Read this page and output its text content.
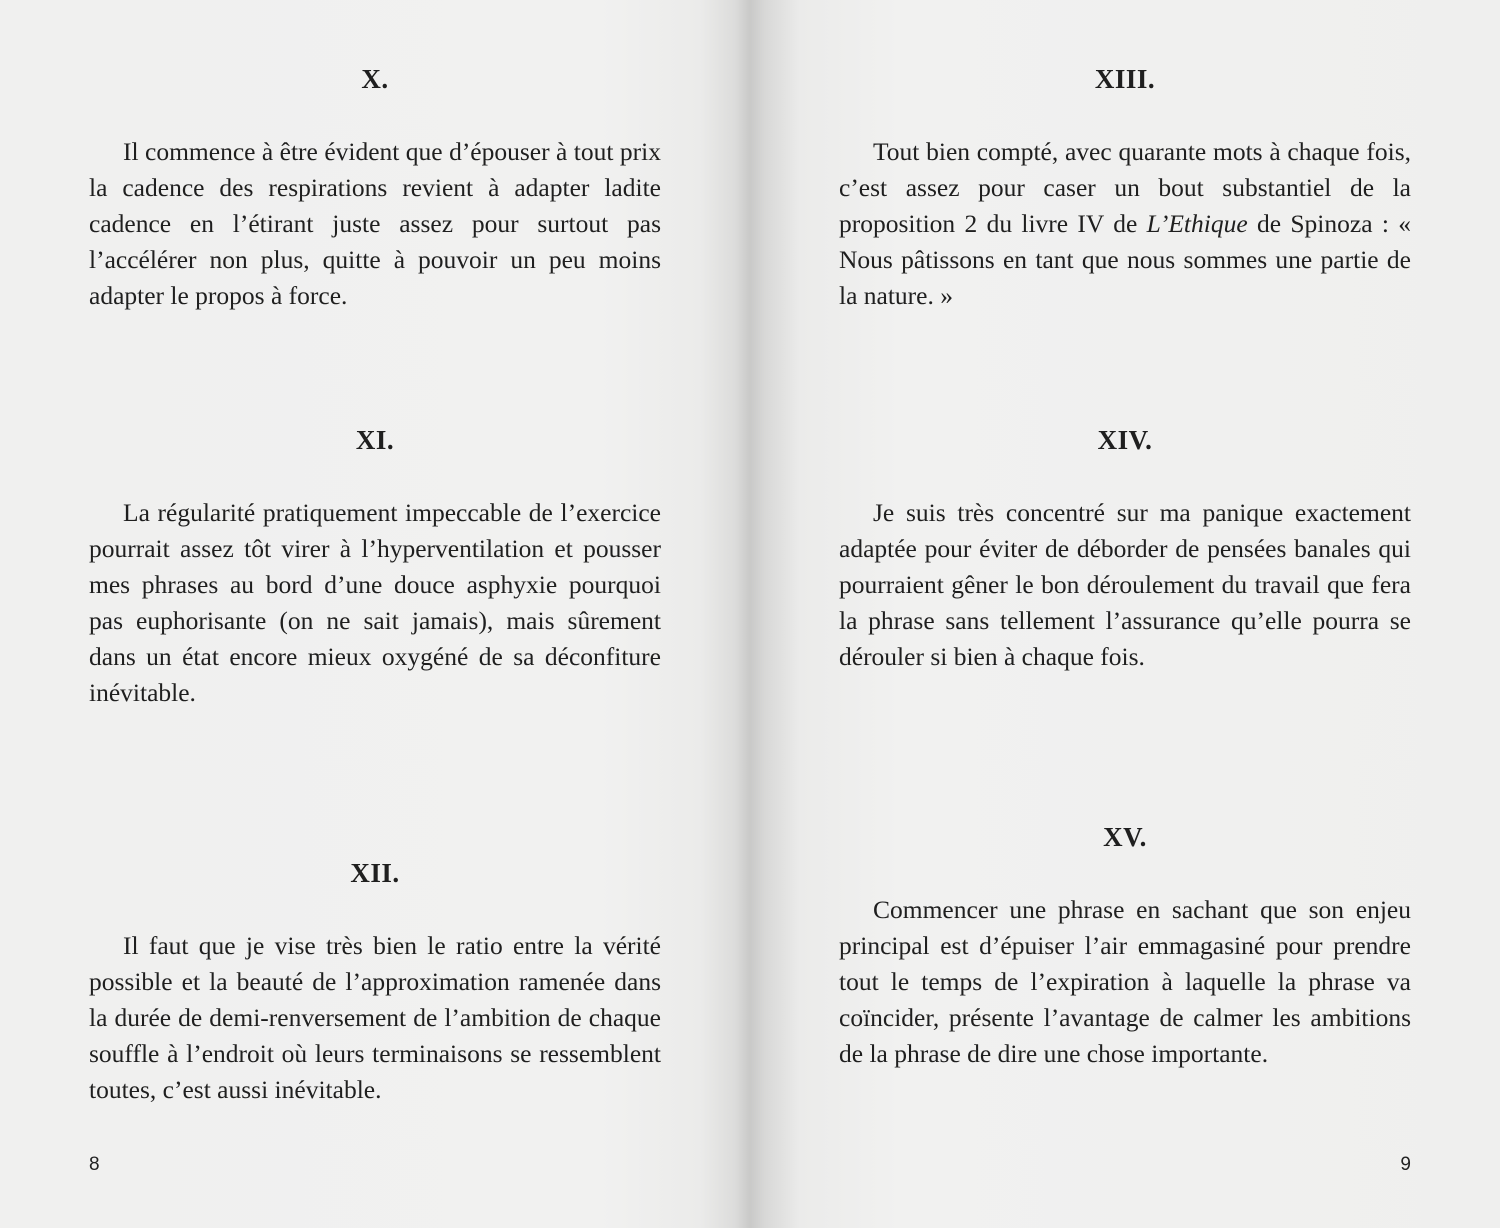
X.

Il commence à être évident que d’épouser à tout prix la cadence des respirations revient à adapter ladite cadence en l’étirant juste assez pour surtout pas l’accélérer non plus, quitte à pouvoir un peu moins adapter le propos à force.

XI.

La régularité pratiquement impeccable de l’exercice pourrait assez tôt virer à l’hyperventilation et pousser mes phrases au bord d’une douce asphyxie pourquoi pas euphorisante (on ne sait jamais), mais sûrement dans un état encore mieux oxygéné de sa déconfiture inévitable.

XII.

Il faut que je vise très bien le ratio entre la vérité possible et la beauté de l’approximation ramenée dans la durée de demi-renversement de l’ambition de chaque souffle à l’endroit où leurs terminaisons se ressemblent toutes, c’est aussi inévitable.

8
XIII.

Tout bien compté, avec quarante mots à chaque fois, c’est assez pour caser un bout substantiel de la proposition 2 du livre IV de L’Ethique de Spinoza : « Nous pâtissons en tant que nous sommes une partie de la nature. »

XIV.

Je suis très concentré sur ma panique exactement adaptée pour éviter de déborder de pensées banales qui pourraient gêner le bon déroulement du travail que fera la phrase sans tellement l’assurance qu’elle pourra se dérouler si bien à chaque fois.

XV.

Commencer une phrase en sachant que son enjeu principal est d’épuiser l’air emmagasiné pour prendre tout le temps de l’expiration à laquelle la phrase va coïncider, présente l’avantage de calmer les ambitions de la phrase de dire une chose importante.

9
